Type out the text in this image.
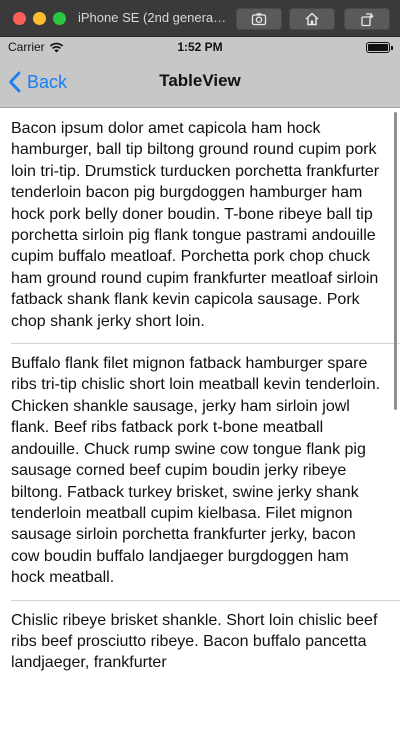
iPhone SE (2nd genera…
Carrier	1:52 PM
Back	TableView
Bacon ipsum dolor amet capicola ham hock hamburger, ball tip biltong ground round cupim pork loin tri-tip. Drumstick turducken porchetta frankfurter tenderloin bacon pig burgdoggen hamburger ham hock pork belly doner boudin. T-bone ribeye ball tip porchetta sirloin pig flank tongue pastrami andouille cupim buffalo meatloaf. Porchetta pork chop chuck ham ground round cupim frankfurter meatloaf sirloin fatback shank flank kevin capicola sausage. Pork chop shank jerky short loin.
Buffalo flank filet mignon fatback hamburger spare ribs tri-tip chislic short loin meatball kevin tenderloin. Chicken shankle sausage, jerky ham sirloin jowl flank. Beef ribs fatback pork t-bone meatball andouille. Chuck rump swine cow tongue flank pig sausage corned beef cupim boudin jerky ribeye biltong. Fatback turkey brisket, swine jerky shank tenderloin meatball cupim kielbasa. Filet mignon sausage sirloin porchetta frankfurter jerky, bacon cow boudin buffalo landjaeger burgdoggen ham hock meatball.
Chislic ribeye brisket shankle. Short loin chislic beef ribs beef prosciutto ribeye. Bacon buffalo pancetta landjaeger, frankfurter
